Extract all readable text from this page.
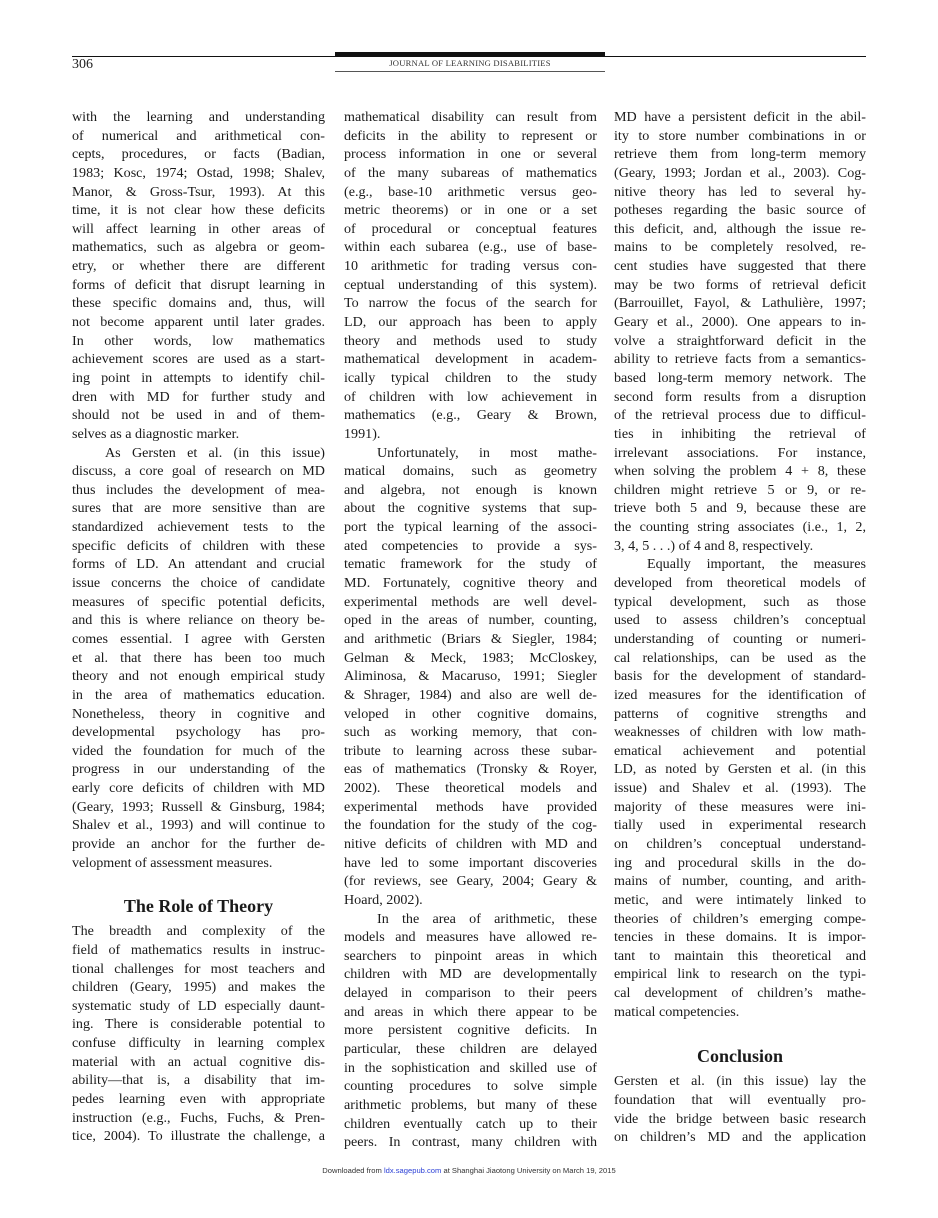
306	JOURNAL OF LEARNING DISABILITIES
with the learning and understanding
of numerical and arithmetical con-
cepts, procedures, or facts (Badian,
1983; Kosc, 1974; Ostad, 1998; Shalev,
Manor, & Gross-Tsur, 1993). At this
time, it is not clear how these deficits
will affect learning in other areas of
mathematics, such as algebra or geom-
etry, or whether there are different
forms of deficit that disrupt learning in
these specific domains and, thus, will
not become apparent until later grades.
In other words, low mathematics
achievement scores are used as a start-
ing point in attempts to identify chil-
dren with MD for further study and
should not be used in and of them-
selves as a diagnostic marker.
As Gersten et al. (in this issue)
discuss, a core goal of research on MD
thus includes the development of mea-
sures that are more sensitive than are
standardized achievement tests to the
specific deficits of children with these
forms of LD. An attendant and crucial
issue concerns the choice of candidate
measures of specific potential deficits,
and this is where reliance on theory be-
comes essential. I agree with Gersten
et al. that there has been too much
theory and not enough empirical study
in the area of mathematics education.
Nonetheless, theory in cognitive and
developmental psychology has pro-
vided the foundation for much of the
progress in our understanding of the
early core deficits of children with MD
(Geary, 1993; Russell & Ginsburg, 1984;
Shalev et al., 1993) and will continue to
provide an anchor for the further de-
velopment of assessment measures.
The Role of Theory
The breadth and complexity of the
field of mathematics results in instruc-
tional challenges for most teachers and
children (Geary, 1995) and makes the
systematic study of LD especially daunt-
ing. There is considerable potential to
confuse difficulty in learning complex
material with an actual cognitive dis-
ability—that is, a disability that im-
pedes learning even with appropriate
instruction (e.g., Fuchs, Fuchs, & Pren-
tice, 2004). To illustrate the challenge, a
mathematical disability can result from
deficits in the ability to represent or
process information in one or several
of the many subareas of mathematics
(e.g., base-10 arithmetic versus geo-
metric theorems) or in one or a set
of procedural or conceptual features
within each subarea (e.g., use of base-
10 arithmetic for trading versus con-
ceptual understanding of this system).
To narrow the focus of the search for
LD, our approach has been to apply
theory and methods used to study
mathematical development in academ-
ically typical children to the study
of children with low achievement in
mathematics (e.g., Geary & Brown,
1991).
Unfortunately, in most mathe-
matical domains, such as geometry
and algebra, not enough is known
about the cognitive systems that sup-
port the typical learning of the associ-
ated competencies to provide a sys-
tematic framework for the study of
MD. Fortunately, cognitive theory and
experimental methods are well devel-
oped in the areas of number, counting,
and arithmetic (Briars & Siegler, 1984;
Gelman & Meck, 1983; McCloskey,
Aliminosa, & Macaruso, 1991; Siegler
& Shrager, 1984) and also are well de-
veloped in other cognitive domains,
such as working memory, that con-
tribute to learning across these subar-
eas of mathematics (Tronsky & Royer,
2002). These theoretical models and
experimental methods have provided
the foundation for the study of the cog-
nitive deficits of children with MD and
have led to some important discoveries
(for reviews, see Geary, 2004; Geary &
Hoard, 2002).
In the area of arithmetic, these
models and measures have allowed re-
searchers to pinpoint areas in which
children with MD are developmentally
delayed in comparison to their peers
and areas in which there appear to be
more persistent cognitive deficits. In
particular, these children are delayed
in the sophistication and skilled use of
counting procedures to solve simple
arithmetic problems, but many of these
children eventually catch up to their
peers. In contrast, many children with
MD have a persistent deficit in the abil-
ity to store number combinations in or
retrieve them from long-term memory
(Geary, 1993; Jordan et al., 2003). Cog-
nitive theory has led to several hy-
potheses regarding the basic source of
this deficit, and, although the issue re-
mains to be completely resolved, re-
cent studies have suggested that there
may be two forms of retrieval deficit
(Barrouillet, Fayol, & Lathulière, 1997;
Geary et al., 2000). One appears to in-
volve a straightforward deficit in the
ability to retrieve facts from a semantics-
based long-term memory network. The
second form results from a disruption
of the retrieval process due to difficul-
ties in inhibiting the retrieval of
irrelevant associations. For instance,
when solving the problem 4 + 8, these
children might retrieve 5 or 9, or re-
trieve both 5 and 9, because these are
the counting string associates (i.e., 1, 2,
3, 4, 5 . . .) of 4 and 8, respectively.
Equally important, the measures
developed from theoretical models of
typical development, such as those
used to assess children’s conceptual
understanding of counting or numeri-
cal relationships, can be used as the
basis for the development of standard-
ized measures for the identification of
patterns of cognitive strengths and
weaknesses of children with low math-
ematical achievement and potential
LD, as noted by Gersten et al. (in this
issue) and Shalev et al. (1993). The
majority of these measures were ini-
tially used in experimental research
on children’s conceptual understand-
ing and procedural skills in the do-
mains of number, counting, and arith-
metic, and were intimately linked to
theories of children’s emerging compe-
tencies in these domains. It is impor-
tant to maintain this theoretical and
empirical link to research on the typi-
cal development of children’s mathe-
matical competencies.
Conclusion
Gersten et al. (in this issue) lay the
foundation that will eventually pro-
vide the bridge between basic research
on children’s MD and the application
Downloaded from ldx.sagepub.com at Shanghai Jiaotong University on March 19, 2015
